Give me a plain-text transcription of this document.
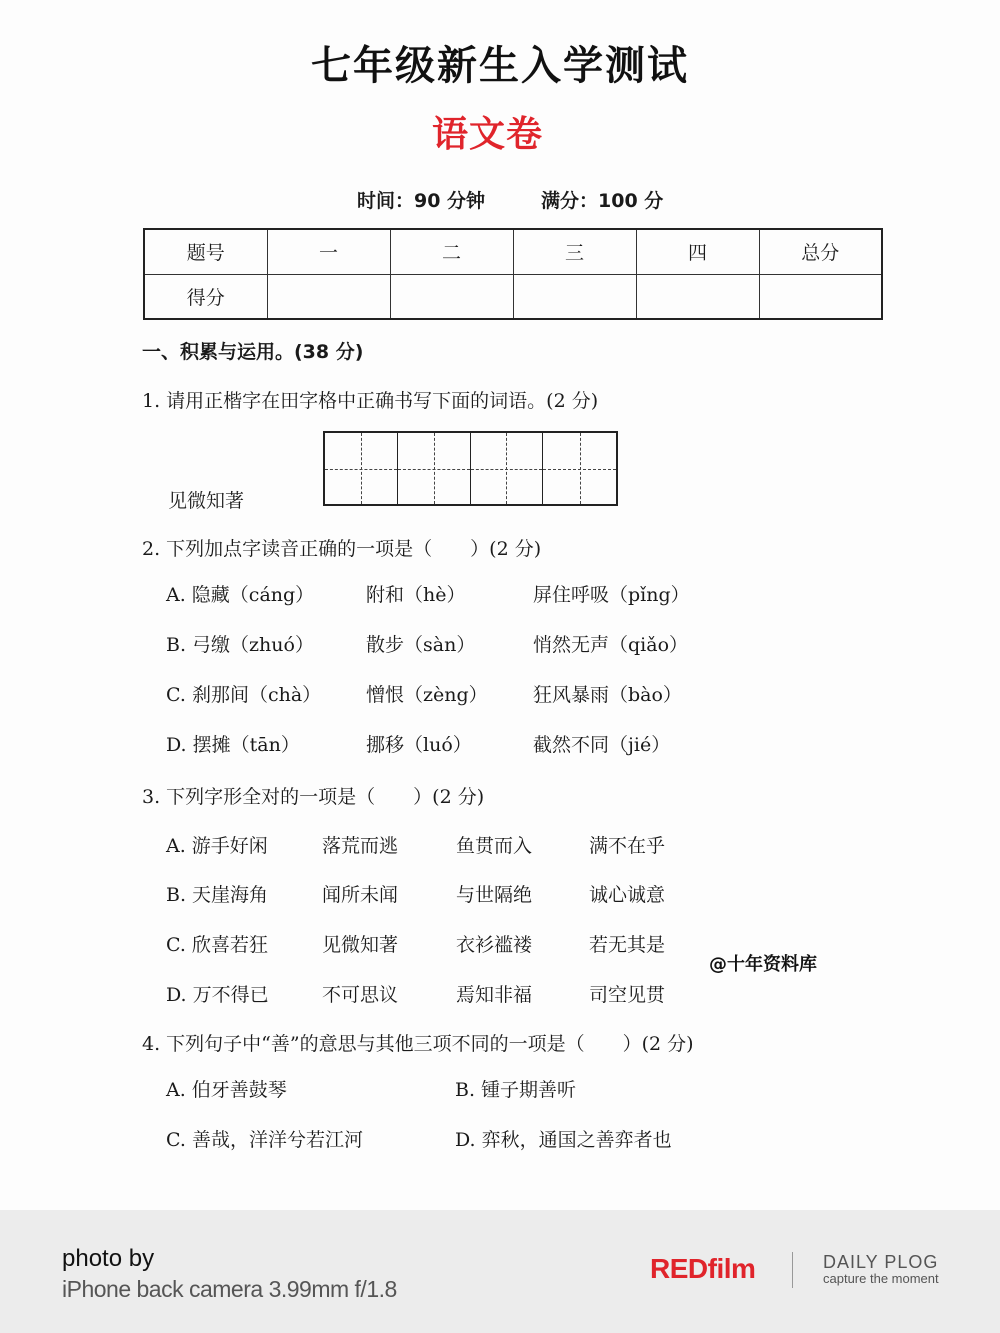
七年级新生入学测试
语文卷
时间：90 分钟	满分：100 分
题号	一	二	三	四	总分
得分					
一、积累与运用。(38 分)
1. 请用正楷字在田字格中正确书写下面的词语。(2 分)
见微知著
2. 下列加点字读音正确的一项是（　　）(2 分)
A. 隐藏（cáng）	附和（hè）	屏住呼吸（pǐng）
B. 弓缴（zhuó）	散步（sàn）	悄然无声（qiǎo）
C. 刹那间（chà） 憎恨（zèng） 狂风暴雨（bào）
D. 摆摊（tān）	挪移（luó）	截然不同（jié）
3. 下列字形全对的一项是（　　）(2 分)
A. 游手好闲	落荒而逃	鱼贯而入	满不在乎
B. 天崖海角	闻所未闻	与世隔绝	诚心诚意
C. 欣喜若狂	见微知著	衣衫褴褛	若无其是
D. 万不得已	不可思议	焉知非福	司空见贯
@十年资料库
4. 下列句子中“善”的意思与其他三项不同的一项是（　　）(2 分)
A. 伯牙善鼓琴	B. 锺子期善听
C. 善哉，洋洋兮若江河	D. 弈秋，通国之善弈者也
photo by
iPhone back camera 3.99mm f/1.8
REDfilm	DAILY PLOG
capture the moment
